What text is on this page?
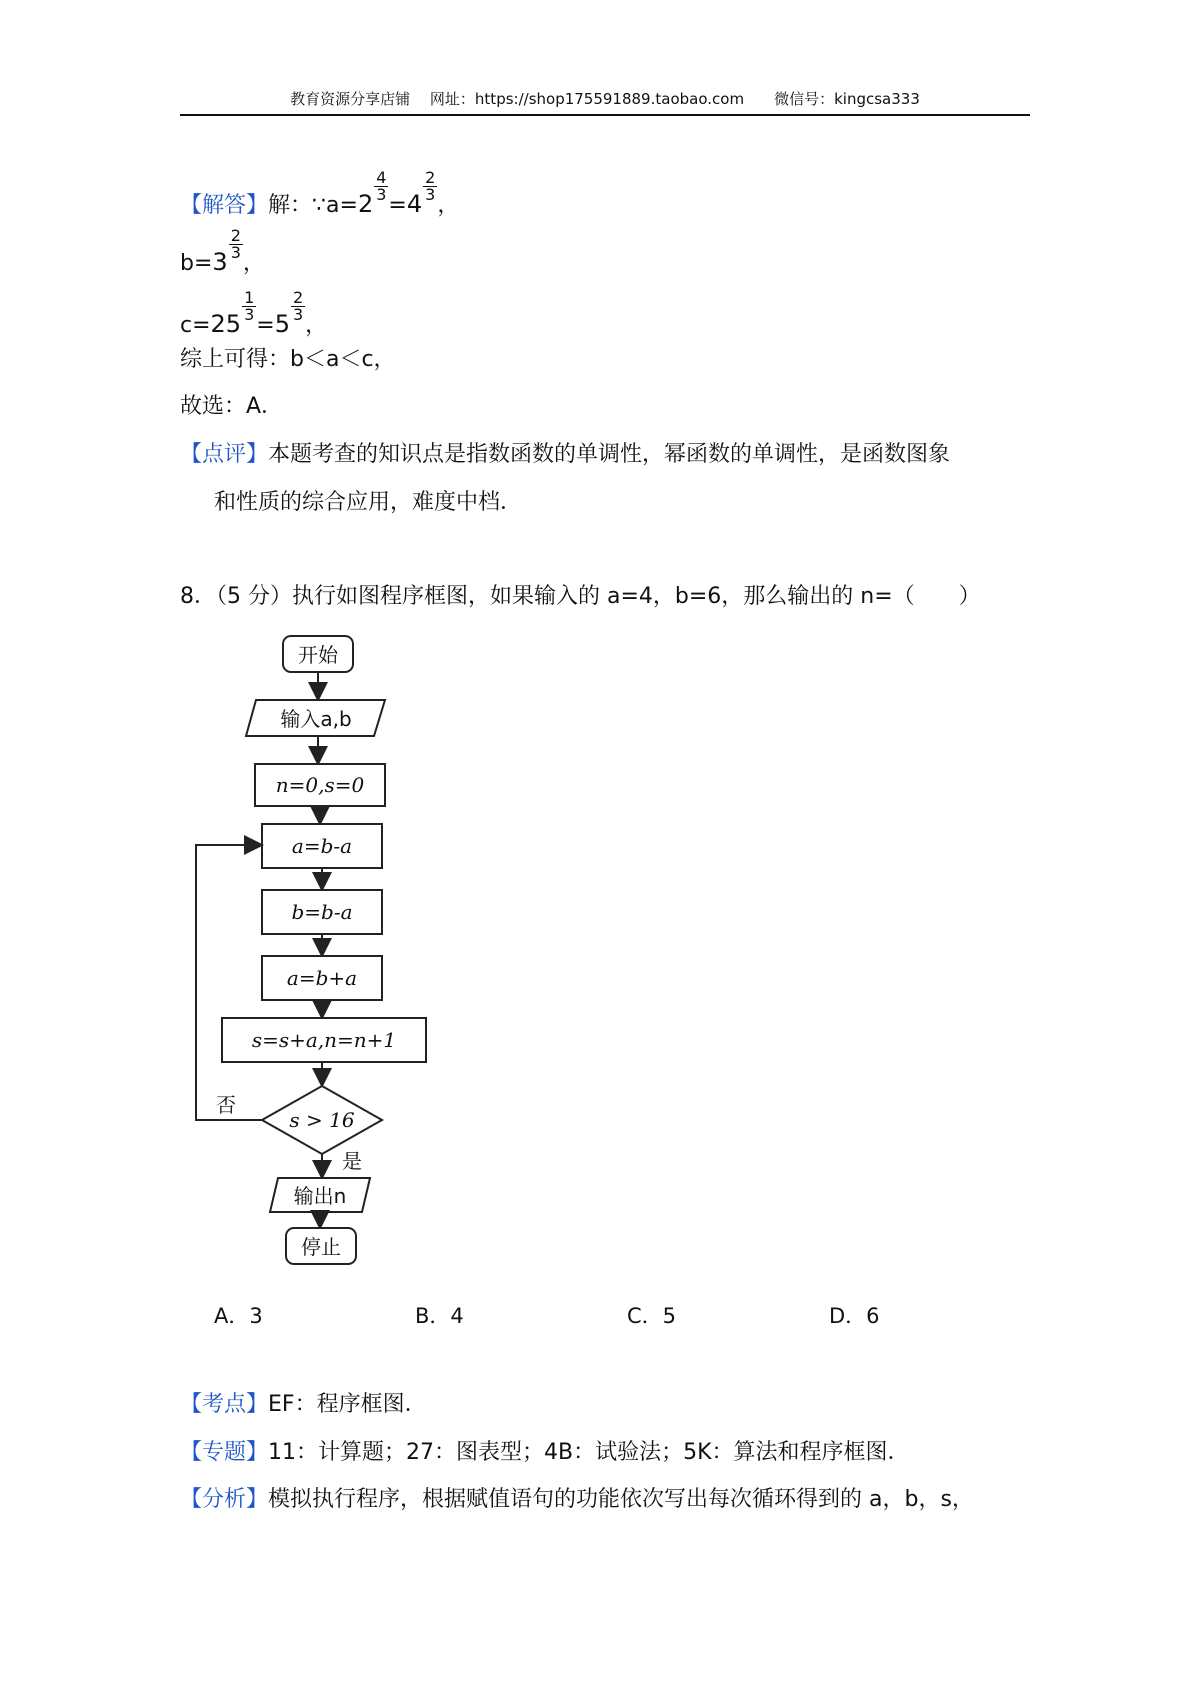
教育资源分享店铺　 网址：https://shop175591889.taobao.com　　 微信号：kingcsa333
【解答】解：∵a=2
$\frac{4}{3}$
=4
$\frac{2}{3}$
，
b=3
$\frac{2}{3}$
，
c=25
$\frac{1}{3}$
=5
$\frac{2}{3}$
，
综上可得：b＜a＜c，
故选：A．
【点评】本题考查的知识点是指数函数的单调性，幂函数的单调性，是函数图象
和性质的综合应用，难度中档．
8．（5 分）执行如图程序框图，如果输入的 a=4，b=6，那么输出的 n=（　　）
开始
输入a,b
n=0,s=0
a=b-a
b=b-a
a=b+a
s=s+a,n=n+1
s > 16
否
是
输出n
停止
A．3	B．4	C．5	D．6
【考点】EF：程序框图．
【专题】11：计算题；27：图表型；4B：试验法；5K：算法和程序框图．
【分析】模拟执行程序，根据赋值语句的功能依次写出每次循环得到的 a，b，s，
